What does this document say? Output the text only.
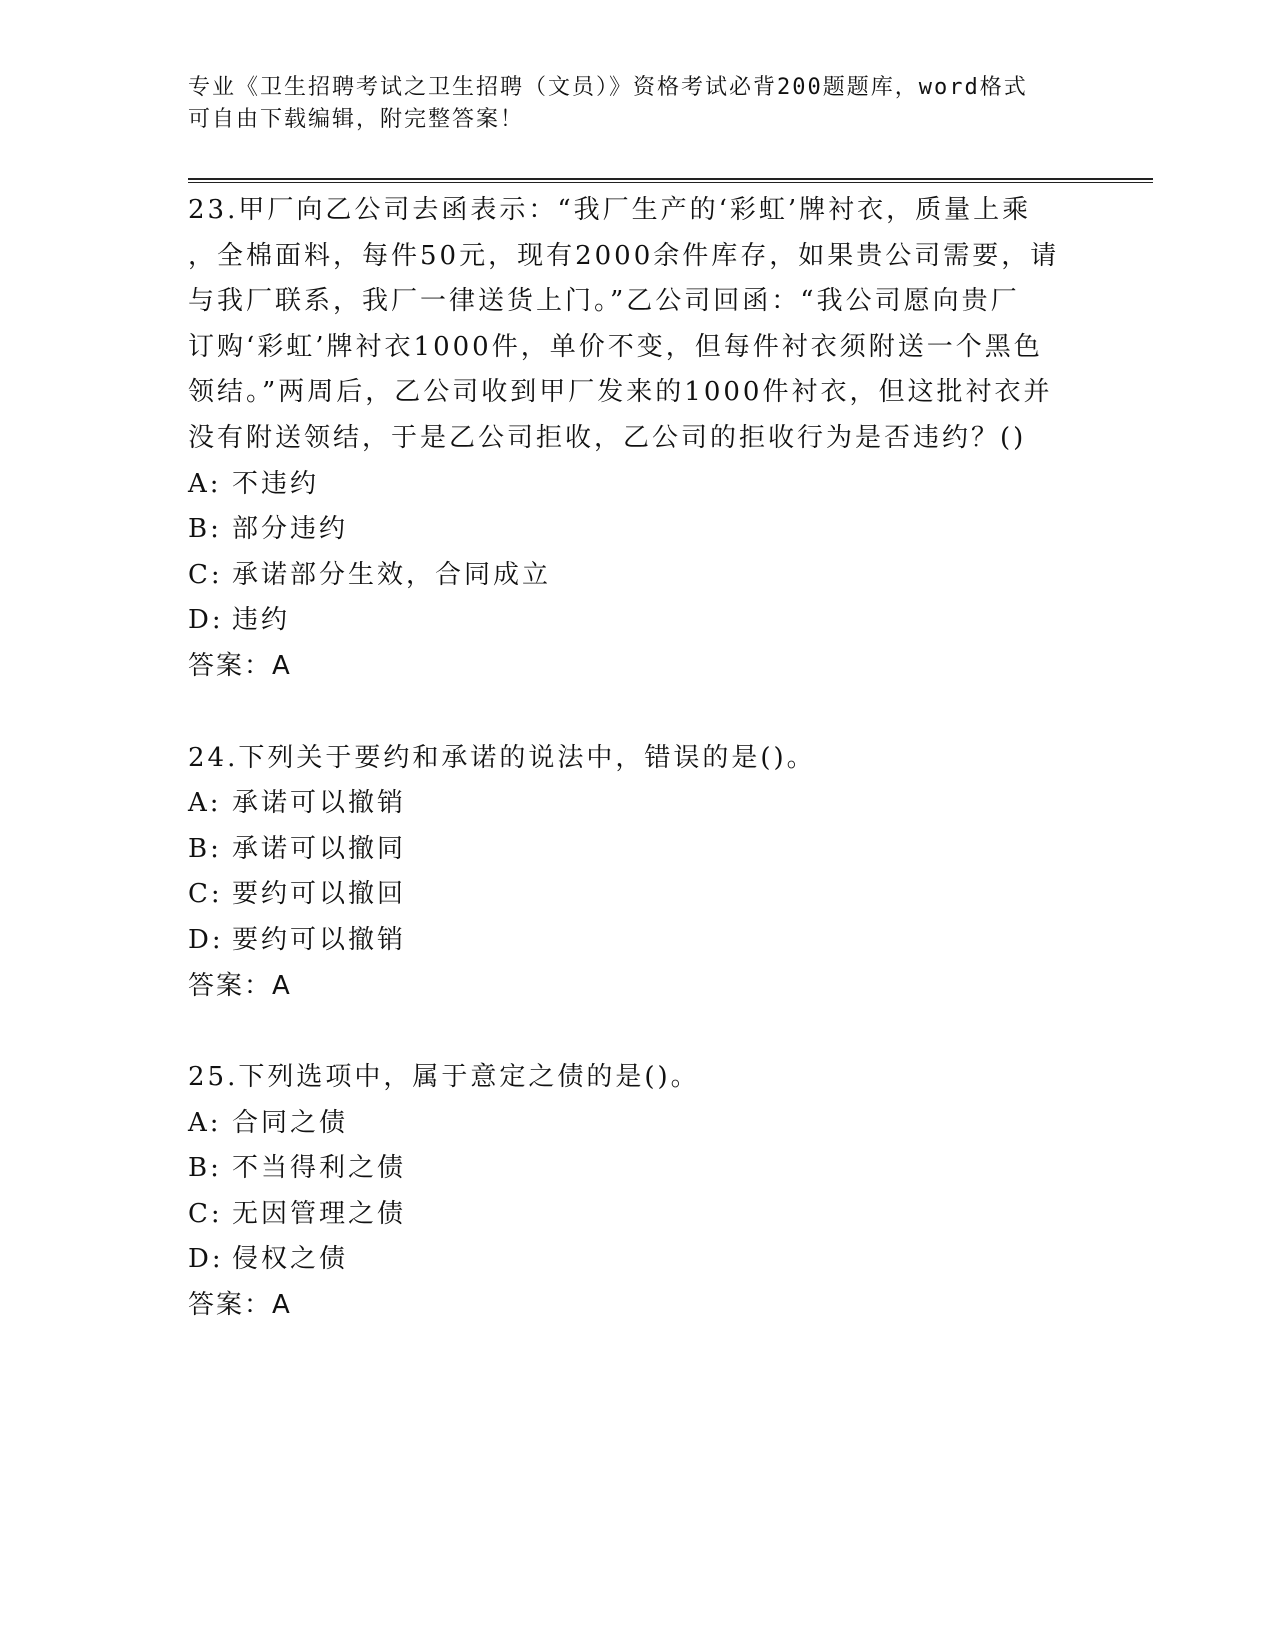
专业《卫生招聘考试之卫生招聘（文员）》资格考试必背200题题库，word格式
可自由下载编辑，附完整答案！
23.甲厂向乙公司去函表示：“我厂生产的‘彩虹’牌衬衣，质量上乘
，全棉面料，每件50元，现有2000余件库存，如果贵公司需要，请
与我厂联系，我厂一律送货上门。”乙公司回函：“我公司愿向贵厂
订购‘彩虹’牌衬衣1000件，单价不变，但每件衬衣须附送一个黑色
领结。”两周后，乙公司收到甲厂发来的1000件衬衣，但这批衬衣并
没有附送领结，于是乙公司拒收，乙公司的拒收行为是否违约？()
A: 不违约
B: 部分违约
C: 承诺部分生效，合同成立
D: 违约
答案：A
24.下列关于要约和承诺的说法中，错误的是()。
A: 承诺可以撤销
B: 承诺可以撤同
C: 要约可以撤回
D: 要约可以撤销
答案：A
25.下列选项中，属于意定之债的是()。
A: 合同之债
B: 不当得利之债
C: 无因管理之债
D: 侵权之债
答案：A
